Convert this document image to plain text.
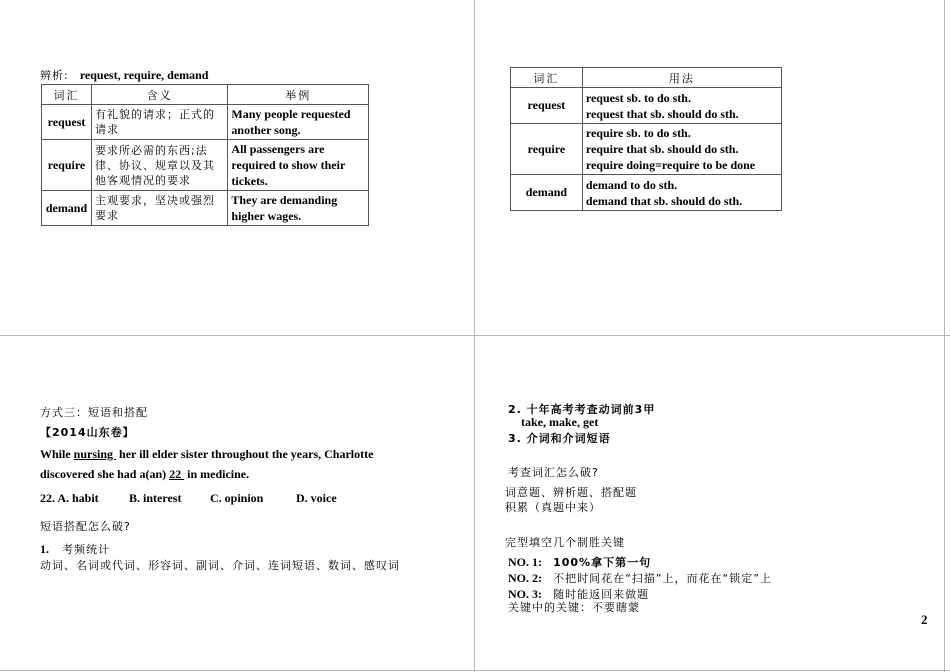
辨析: request, require, demand
词汇	含义	举例
request	有礼貌的请求；正式的请求	Many people requested another song.
require	要求所必需的东西;法律、协议、规章以及其他客观情况的要求	All passengers are required to show their tickets.
demand	主观要求，坚决或强烈要求	They are demanding higher wages.
词汇	用法
request	request sb. to do sth.
request that sb. should do sth.

require	require sb. to do sth.
require that sb. should do sth.
require doing=require to be done

demand	demand to do sth.
demand that sb. should do sth.
方式三：短语和搭配
【2014山东卷】
While nursing  her ill elder sister throughout the years, Charlotte
discovered she had a(an) 22  in medicine.
22. A. habit	B. interest C. opinion	D. voice
短语搭配怎么破?
1. 考频统计
动词、名词或代词、形容词、副词、介词、连词短语、数词、感叹词
2. 十年高考考查动词前3甲
take, make, get
3. 介词和介词短语
考查词汇怎么破?
词意题、辨析题、搭配题
积累（真题中来）
完型填空几个制胜关键
NO. 1: 100%拿下第一句
NO. 2: 不把时间花在“扫描”上，而花在“锁定”上
NO. 3: 随时能返回来做题
关键中的关键：不要瞎蒙
2
